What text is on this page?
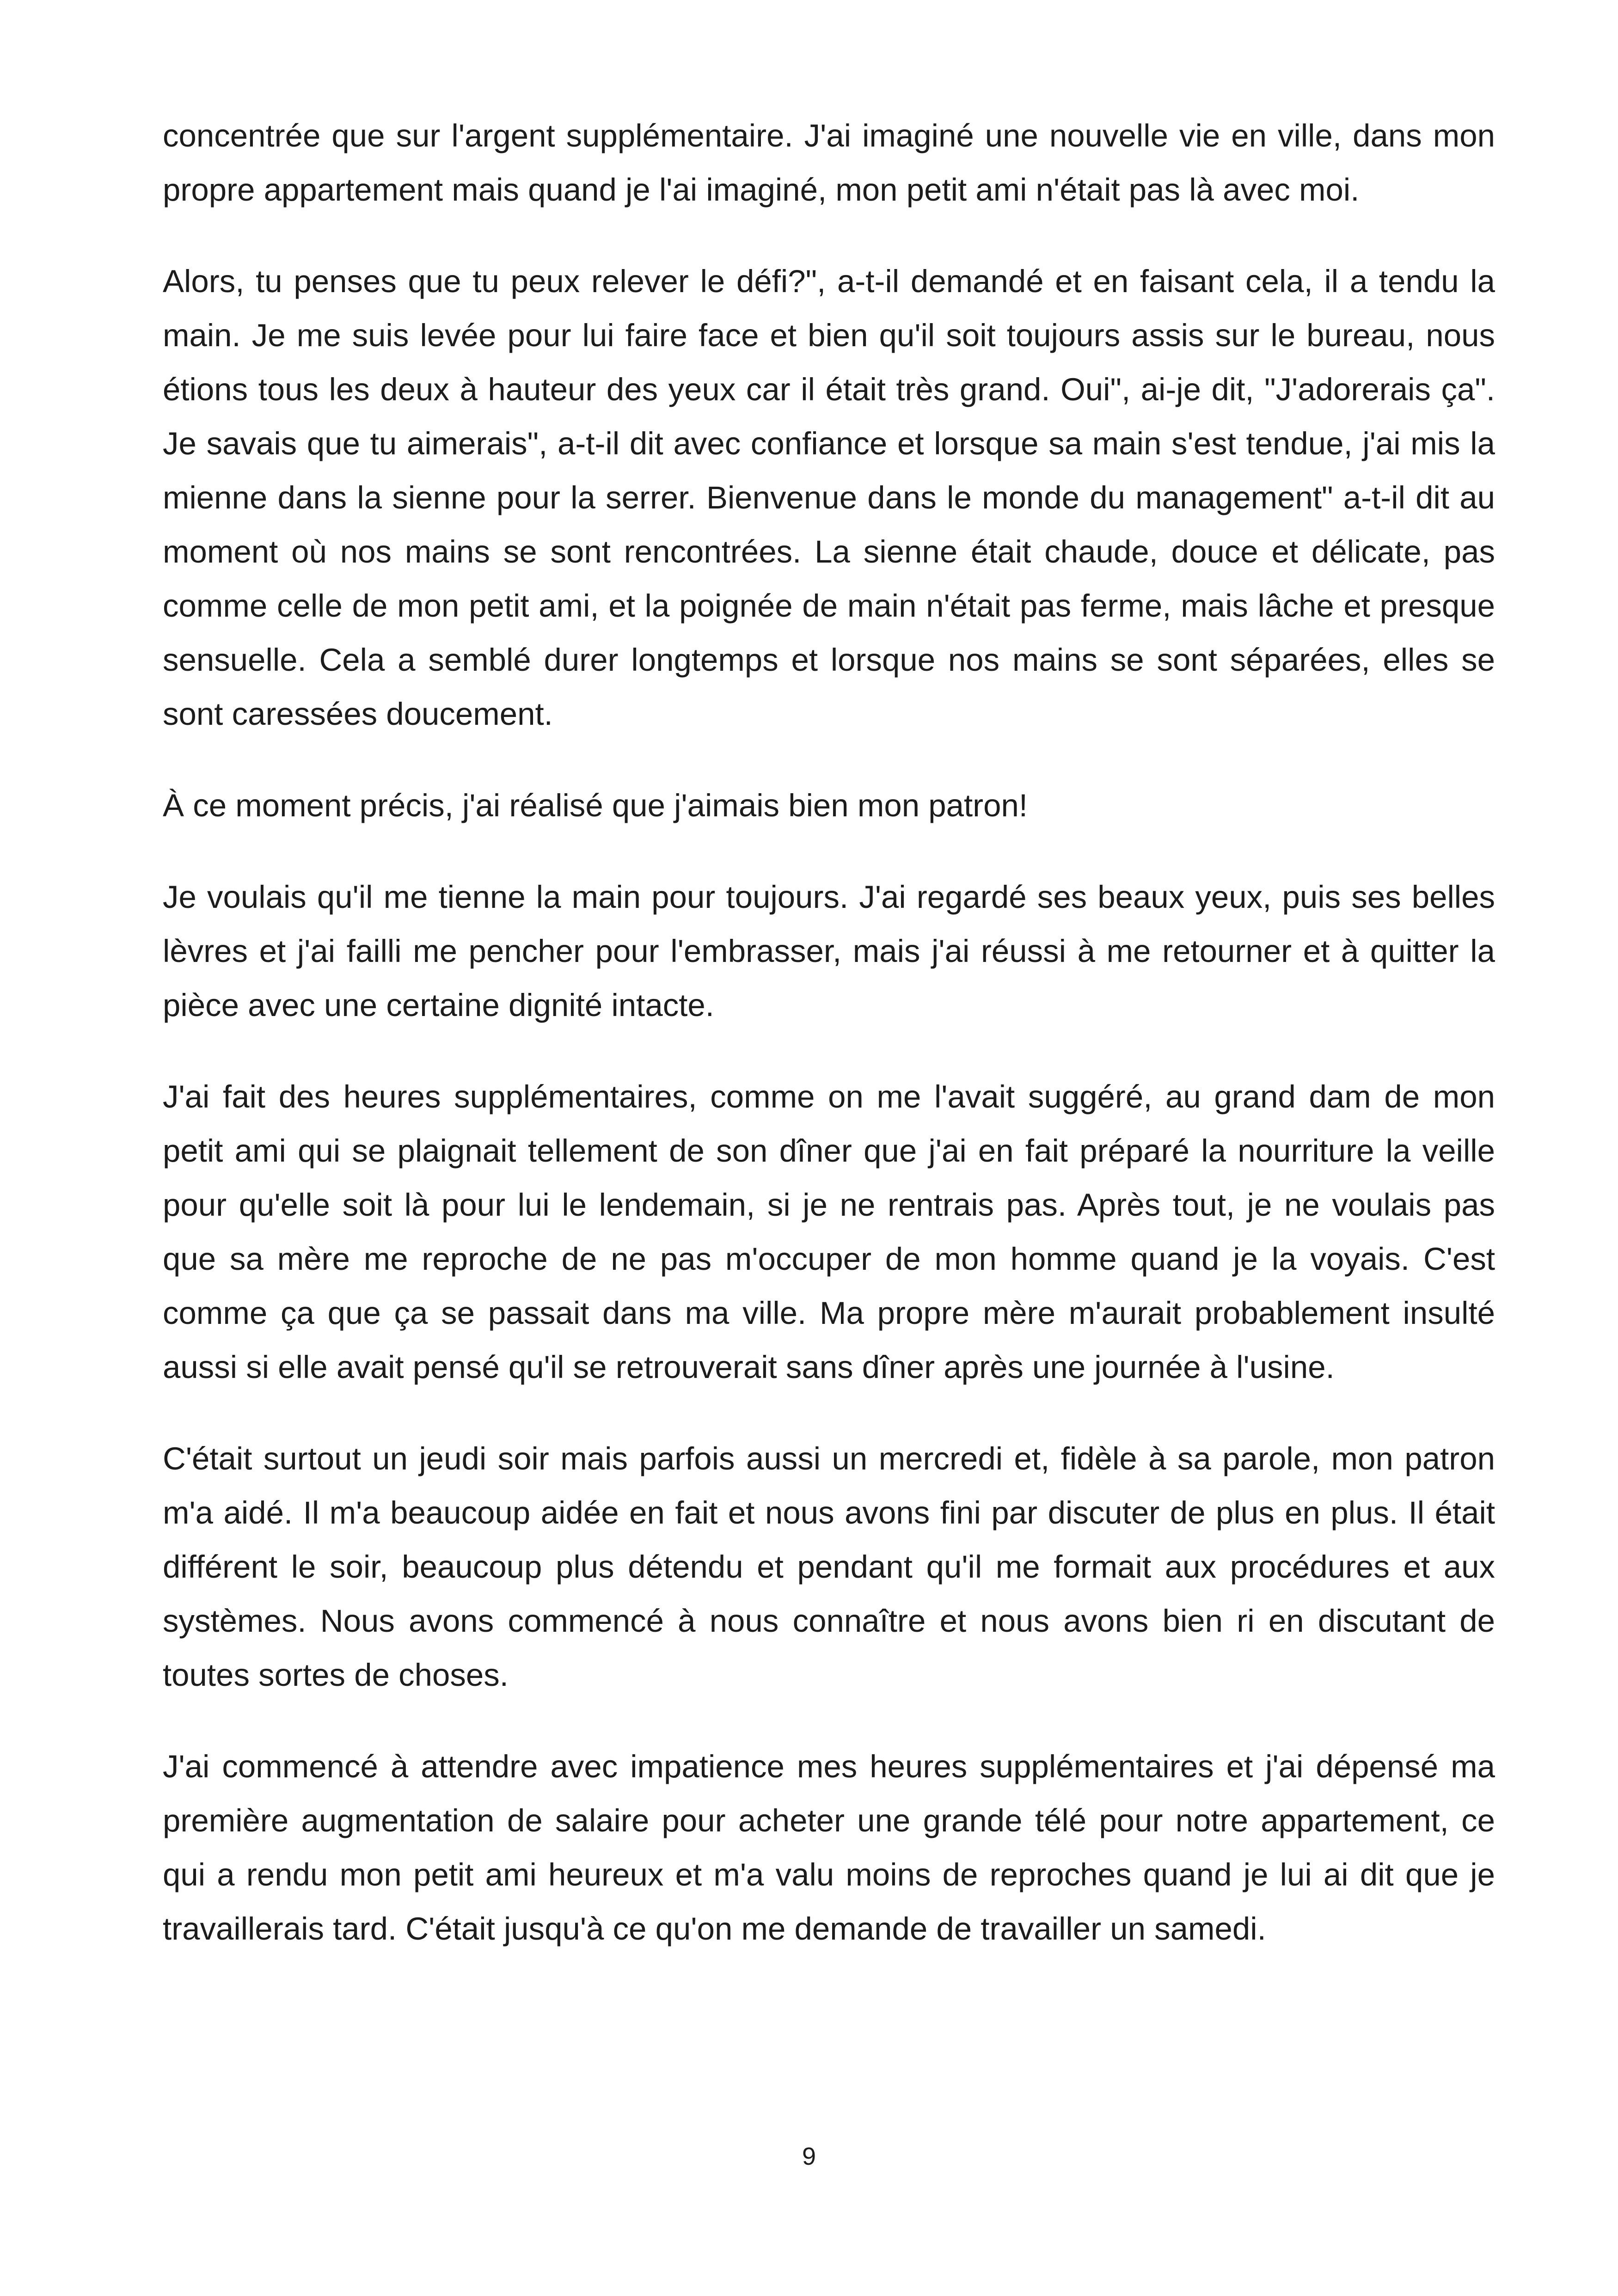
concentrée que sur l'argent supplémentaire. J'ai imaginé une nouvelle vie en ville, dans mon propre appartement mais quand je l'ai imaginé, mon petit ami n'était pas là avec moi.

Alors, tu penses que tu peux relever le défi?", a-t-il demandé et en faisant cela, il a tendu la main. Je me suis levée pour lui faire face et bien qu'il soit toujours assis sur le bureau, nous étions tous les deux à hauteur des yeux car il était très grand. Oui", ai-je dit, "J'adorerais ça". Je savais que tu aimerais", a-t-il dit avec confiance et lorsque sa main s'est tendue, j'ai mis la mienne dans la sienne pour la serrer. Bienvenue dans le monde du management" a-t-il dit au moment où nos mains se sont rencontrées. La sienne était chaude, douce et délicate, pas comme celle de mon petit ami, et la poignée de main n'était pas ferme, mais lâche et presque sensuelle. Cela a semblé durer longtemps et lorsque nos mains se sont séparées, elles se sont caressées doucement.

À ce moment précis, j'ai réalisé que j'aimais bien mon patron!

Je voulais qu'il me tienne la main pour toujours. J'ai regardé ses beaux yeux, puis ses belles lèvres et j'ai failli me pencher pour l'embrasser, mais j'ai réussi à me retourner et à quitter la pièce avec une certaine dignité intacte.

J'ai fait des heures supplémentaires, comme on me l'avait suggéré, au grand dam de mon petit ami qui se plaignait tellement de son dîner que j'ai en fait préparé la nourriture la veille pour qu'elle soit là pour lui le lendemain, si je ne rentrais pas. Après tout, je ne voulais pas que sa mère me reproche de ne pas m'occuper de mon homme quand je la voyais. C'est comme ça que ça se passait dans ma ville. Ma propre mère m'aurait probablement insulté aussi si elle avait pensé qu'il se retrouverait sans dîner après une journée à l'usine.

C'était surtout un jeudi soir mais parfois aussi un mercredi et, fidèle à sa parole, mon patron m'a aidé. Il m'a beaucoup aidée en fait et nous avons fini par discuter de plus en plus. Il était différent le soir, beaucoup plus détendu et pendant qu'il me formait aux procédures et aux systèmes. Nous avons commencé à nous connaître et nous avons bien ri en discutant de toutes sortes de choses.

J'ai commencé à attendre avec impatience mes heures supplémentaires et j'ai dépensé ma première augmentation de salaire pour acheter une grande télé pour notre appartement, ce qui a rendu mon petit ami heureux et m'a valu moins de reproches quand je lui ai dit que je travaillerais tard. C'était jusqu'à ce qu'on me demande de travailler un samedi.

9
